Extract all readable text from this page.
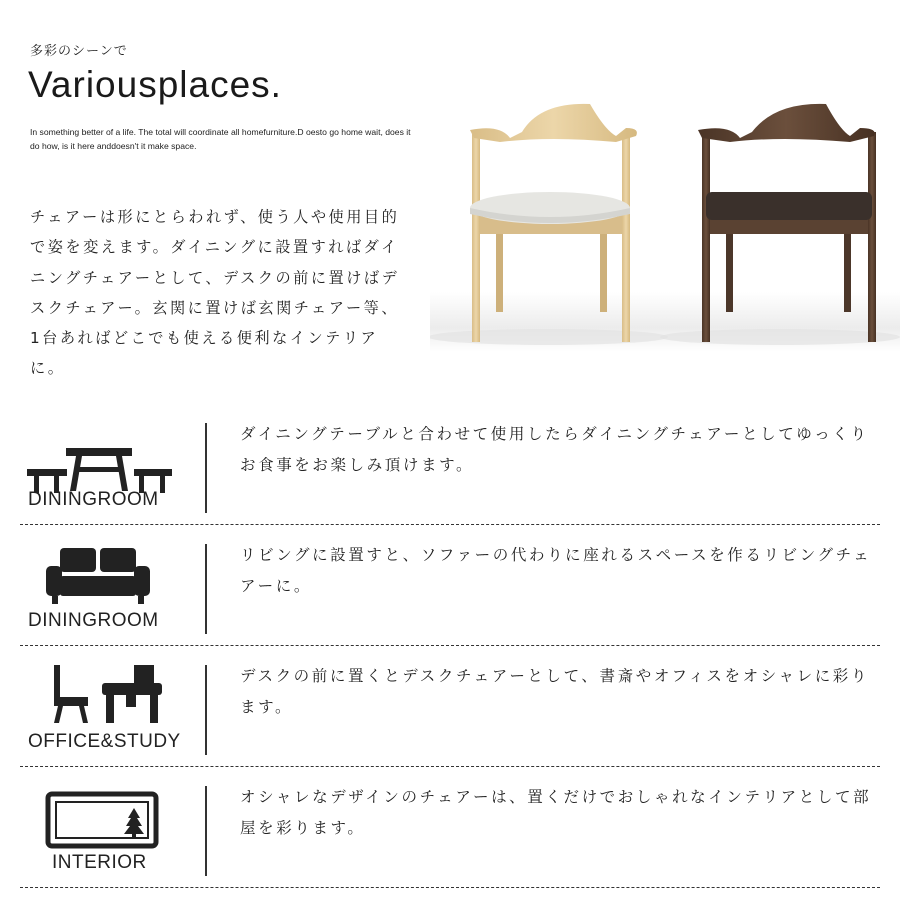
多彩のシーンで
Variousplaces.
In something better of a life. The total will coordinate all homefurniture.D oesto go home wait, does it do how, is it here anddoesn't it make space.
チェアーは形にとらわれず、使う人や使用目的で姿を変えます。ダイニングに設置すればダイニングチェアーとして、デスクの前に置けばデスクチェアー。玄関に置けば玄関チェアー等、1台あればどこでも使える便利なインテリアに。
DININGROOM
ダイニングテーブルと合わせて使用したらダイニングチェアーとしてゆっくりお食事をお楽しみ頂けます。
DININGROOM
リビングに設置すと、ソファーの代わりに座れるスペースを作るリビングチェアーに。
OFFICE&STUDY
デスクの前に置くとデスクチェアーとして、書斎やオフィスをオシャレに彩ります。
INTERIOR
オシャレなデザインのチェアーは、置くだけでおしゃれなインテリアとして部屋を彩ります。
